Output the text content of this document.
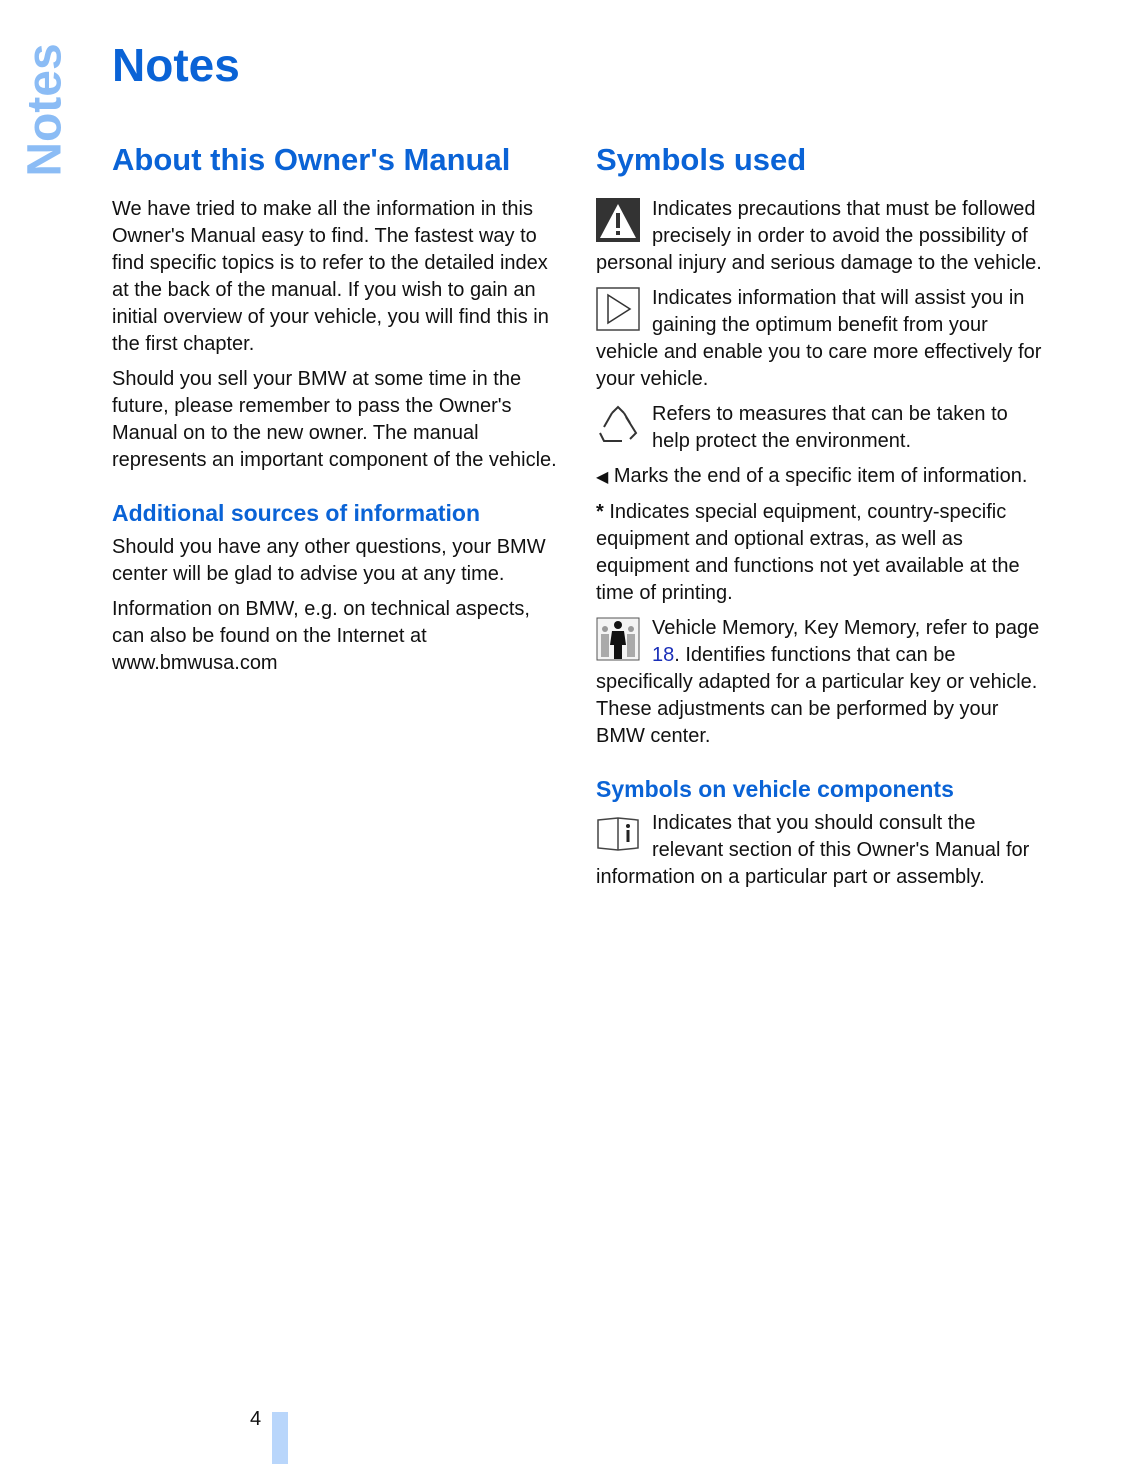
Notes Notes
About this Owner's Manual

We have tried to make all the information in this Owner's Manual easy to find. The fastest way to find specific topics is to refer to the detailed index at the back of the manual. If you wish to gain an initial overview of your vehicle, you will find this in the first chapter.

Should you sell your BMW at some time in the future, please remember to pass the Owner's Manual on to the new owner. The manual represents an important component of the vehicle.

Additional sources of information

Should you have any other questions, your BMW center will be glad to advise you at any time.

Information on BMW, e.g. on technical aspects, can also be found on the Internet at www.bmwusa.com

Symbols used
Indicates precautions that must be followed precisely in order to avoid the possibility of personal injury and serious damage to the vehicle.
Indicates information that will assist you in gaining the optimum benefit from your vehicle and enable you to care more effectively for your vehicle.
Refers to measures that can be taken to help protect the environment.

◀ Marks the end of a specific item of information.

* Indicates special equipment, country-specific equipment and optional extras, as well as equipment and functions not yet available at the time of printing.

Vehicle Memory, Key Memory, refer to page 18. Identifies functions that can be specifically adapted for a particular key or vehicle. These adjustments can be performed by your BMW center.
Symbols on vehicle components
Indicates that you should consult the relevant section of this Owner's Manual for information on a particular part or assembly.
4
